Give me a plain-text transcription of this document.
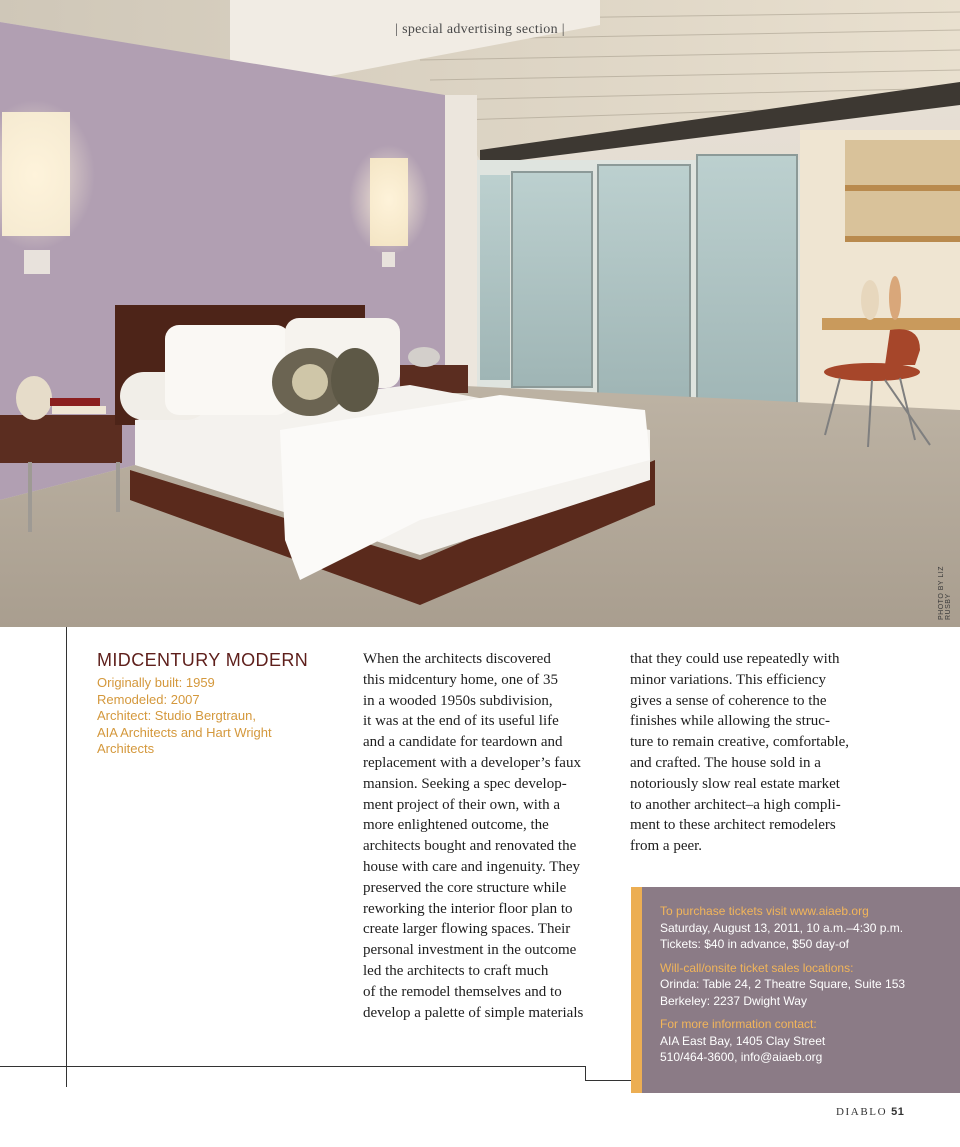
| special advertising section |
PHOTO BY LIZ RUSBY
MIDCENTURY MODERN
Originally built: 1959
Remodeled: 2007
Architect: Studio Bergtraun,
AIA Architects and Hart Wright
Architects

When the architects discovered

this midcentury home, one of 35

in a wooded 1950s subdivision,

it was at the end of its useful life

and a candidate for teardown and

replacement with a developer’s faux

mansion. Seeking a spec develop-

ment project of their own, with a

more enlightened outcome, the

architects bought and renovated the

house with care and ingenuity. They

preserved the core structure while

reworking the interior floor plan to

create larger flowing spaces. Their

personal investment in the outcome

led the architects to craft much

of the remodel themselves and to

develop a palette of simple materials

that they could use repeatedly with

minor variations. This efficiency

gives a sense of coherence to the

finishes while allowing the struc-

ture to remain creative, comfortable,

and crafted. The house sold in a

notoriously slow real estate market

to another architect–a high compli-

ment to these architect remodelers

from a peer.

To purchase tickets visit www.aiaeb.org
Saturday, August 13, 2011, 10 a.m.–4:30 p.m.
Tickets: $40 in advance, $50 day-of
Will-call/onsite ticket sales locations:
Orinda: Table 24, 2 Theatre Square, Suite 153
Berkeley: 2237 Dwight Way
For more information contact:
AIA East Bay, 1405 Clay Street
510/464-3600, info@aiaeb.org
DIABLO 51
